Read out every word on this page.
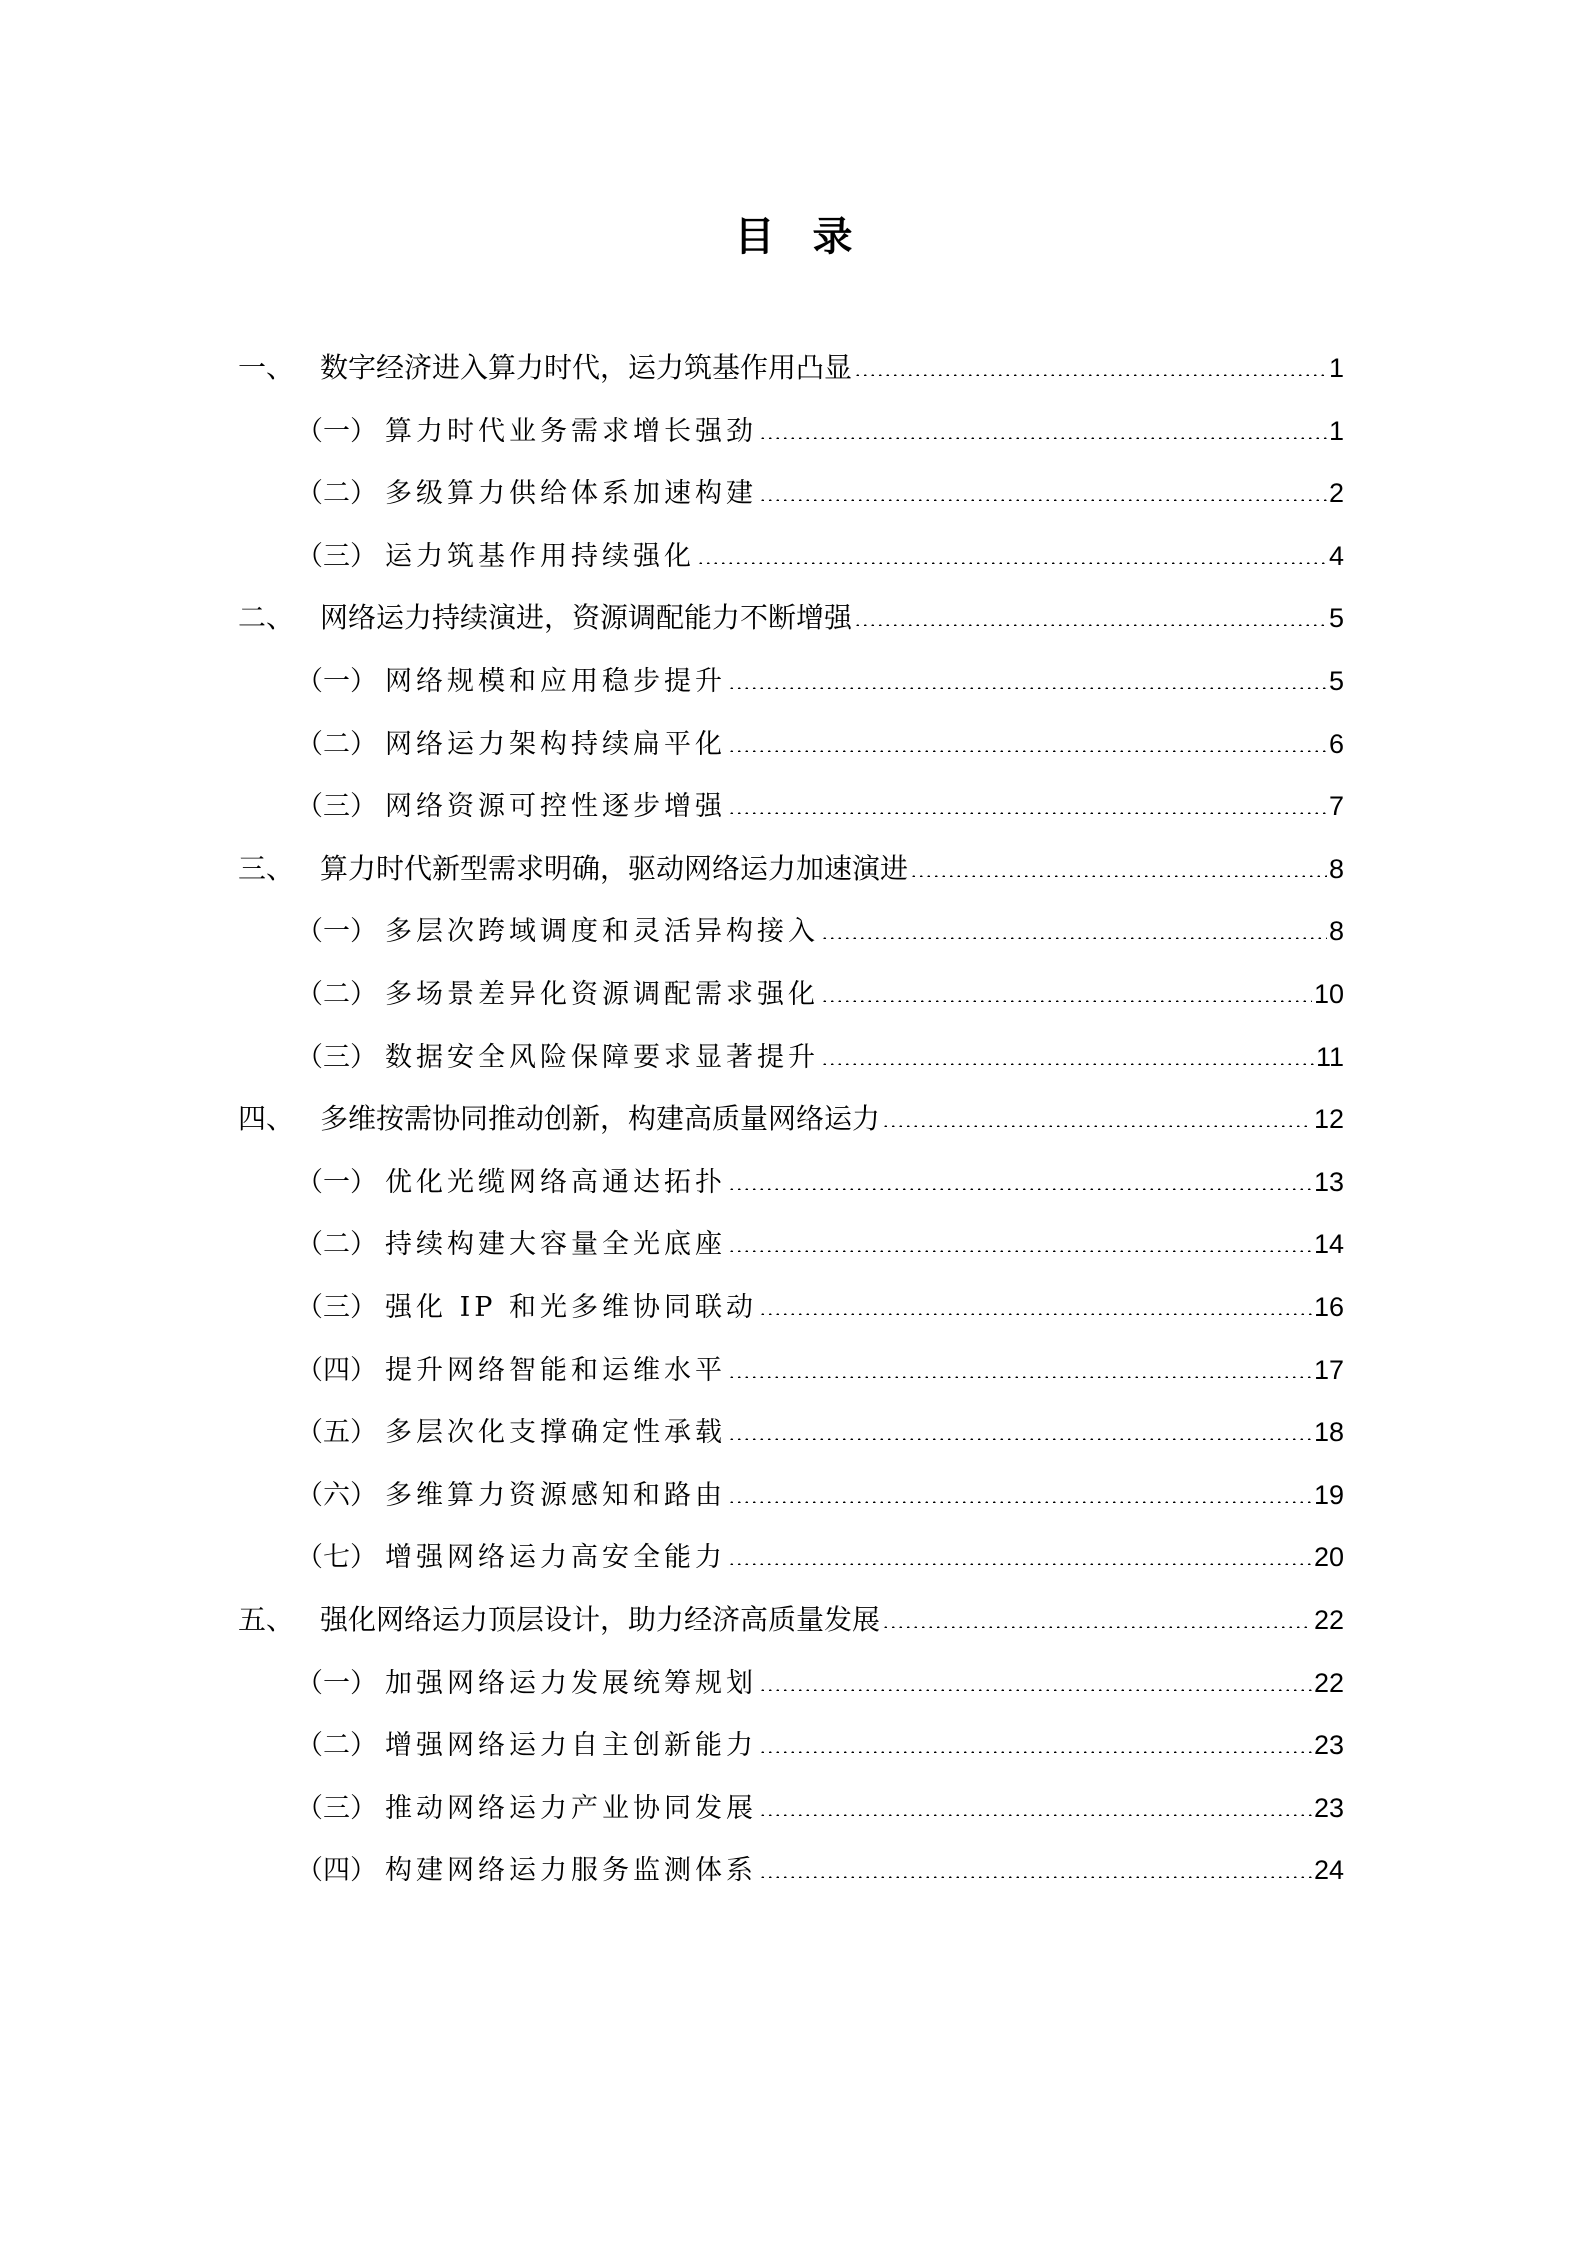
目录
一、 数字经济进入算力时代，运力筑基作用凸显	1
（一） 算力时代业务需求增长强劲	1
（二） 多级算力供给体系加速构建	2
（三） 运力筑基作用持续强化	4
二、 网络运力持续演进，资源调配能力不断增强	5
（一） 网络规模和应用稳步提升	5
（二） 网络运力架构持续扁平化	6
（三） 网络资源可控性逐步增强	7
三、 算力时代新型需求明确，驱动网络运力加速演进	8
（一） 多层次跨域调度和灵活异构接入	8
（二） 多场景差异化资源调配需求强化	10
（三） 数据安全风险保障要求显著提升	11
四、 多维按需协同推动创新，构建高质量网络运力	12
（一） 优化光缆网络高通达拓扑	13
（二） 持续构建大容量全光底座	14
（三） 强化 IP 和光多维协同联动	16
（四） 提升网络智能和运维水平	17
（五） 多层次化支撑确定性承载	18
（六） 多维算力资源感知和路由	19
（七） 增强网络运力高安全能力	20
五、 强化网络运力顶层设计，助力经济高质量发展	22
（一） 加强网络运力发展统筹规划	22
（二） 增强网络运力自主创新能力	23
（三） 推动网络运力产业协同发展	23
（四） 构建网络运力服务监测体系	24
